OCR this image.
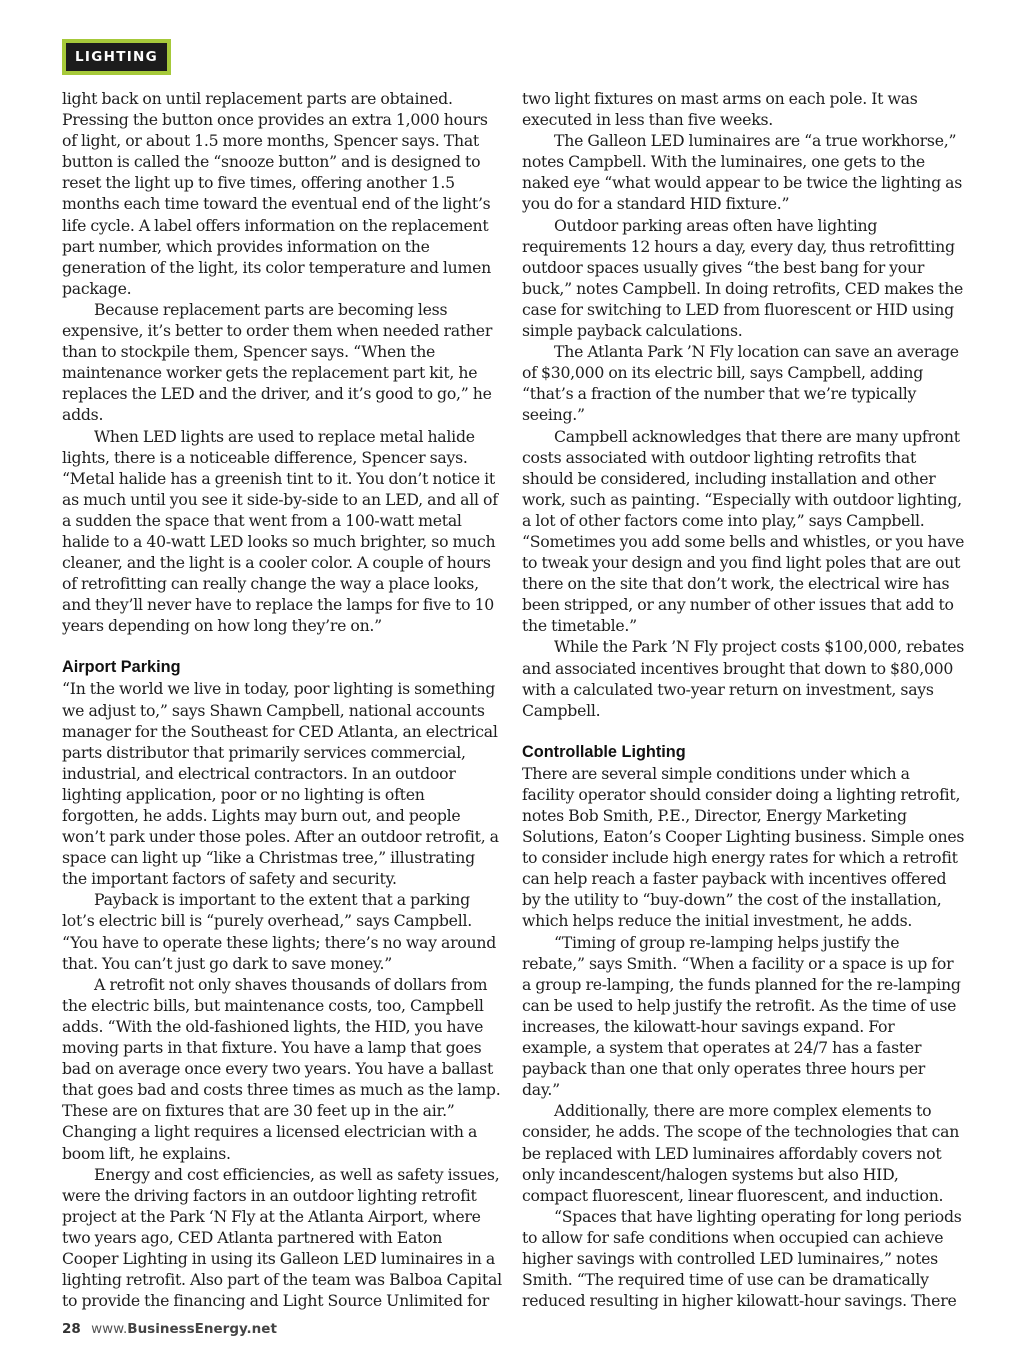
LIGHTING

light back on until replacement parts are obtained. Pressing the button once provides an extra 1,000 hours of light, or about 1.5 more months, Spencer says. That button is called the “snooze button” and is designed to reset the light up to five times, offering another 1.5 months each time toward the eventual end of the light’s life cycle. A label offers information on the replacement part number, which provides information on the generation of the light, its color temperature and lumen package.

Because replacement parts are becoming less expensive, it’s better to order them when needed rather than to stockpile them, Spencer says. “When the maintenance worker gets the replacement part kit, he replaces the LED and the driver, and it’s good to go,” he adds.

When LED lights are used to replace metal halide lights, there is a noticeable difference, Spencer says. “Metal halide has a greenish tint to it. You don’t notice it as much until you see it side-by-side to an LED, and all of a sudden the space that went from a 100-watt metal halide to a 40-watt LED looks so much brighter, so much cleaner, and the light is a cooler color. A couple of hours of retrofitting can really change the way a place looks, and they’ll never have to replace the lamps for five to 10 years depending on how long they’re on.”

Airport Parking

“In the world we live in today, poor lighting is something we adjust to,” says Shawn Campbell, national accounts manager for the Southeast for CED Atlanta, an electrical parts distributor that primarily services commercial, industrial, and electrical contractors. In an outdoor lighting application, poor or no lighting is often forgotten, he adds. Lights may burn out, and people won’t park under those poles. After an outdoor retrofit, a space can light up “like a Christmas tree,” illustrating the important factors of safety and security.

Payback is important to the extent that a parking lot’s electric bill is “purely overhead,” says Campbell. “You have to operate these lights; there’s no way around that. You can’t just go dark to save money.”

A retrofit not only shaves thousands of dollars from the electric bills, but maintenance costs, too, Campbell adds. “With the old-fashioned lights, the HID, you have moving parts in that fixture. You have a lamp that goes bad on average once every two years. You have a ballast that goes bad and costs three times as much as the lamp. These are on fixtures that are 30 feet up in the air.” Changing a light requires a licensed electrician with a boom lift, he explains.

Energy and cost efficiencies, as well as safety issues, were the driving factors in an outdoor lighting retrofit project at the Park ‘N Fly at the Atlanta Airport, where two years ago, CED Atlanta partnered with Eaton Cooper Lighting in using its Galleon LED luminaires in a lighting retrofit. Also part of the team was Balboa Capital to provide the financing and Light Source Unlimited for

two light fixtures on mast arms on each pole. It was executed in less than five weeks.

The Galleon LED luminaires are “a true workhorse,” notes Campbell. With the luminaires, one gets to the naked eye “what would appear to be twice the lighting as you do for a standard HID fixture.”

Outdoor parking areas often have lighting requirements 12 hours a day, every day, thus retrofitting outdoor spaces usually gives “the best bang for your buck,” notes Campbell. In doing retrofits, CED makes the case for switching to LED from fluorescent or HID using simple payback calculations.

The Atlanta Park ’N Fly location can save an average of $30,000 on its electric bill, says Campbell, adding “that’s a fraction of the number that we’re typically seeing.”

Campbell acknowledges that there are many upfront costs associated with outdoor lighting retrofits that should be considered, including installation and other work, such as painting. “Especially with outdoor lighting, a lot of other factors come into play,” says Campbell. “Sometimes you add some bells and whistles, or you have to tweak your design and you find light poles that are out there on the site that don’t work, the electrical wire has been stripped, or any number of other issues that add to the timetable.”

While the Park ’N Fly project costs $100,000, rebates and associated incentives brought that down to $80,000 with a calculated two-year return on investment, says Campbell.

Controllable Lighting

There are several simple conditions under which a facility operator should consider doing a lighting retrofit, notes Bob Smith, P.E., Director, Energy Marketing Solutions, Eaton’s Cooper Lighting business. Simple ones to consider include high energy rates for which a retrofit can help reach a faster payback with incentives offered by the utility to “buy-down” the cost of the installation, which helps reduce the initial investment, he adds.

“Timing of group re-lamping helps justify the rebate,” says Smith. “When a facility or a space is up for a group re-lamping, the funds planned for the re-lamping can be used to help justify the retrofit. As the time of use increases, the kilowatt-hour savings expand. For example, a system that operates at 24/7 has a faster payback than one that only operates three hours per day.”

Additionally, there are more complex elements to consider, he adds. The scope of the technologies that can be replaced with LED luminaires affordably covers not only incandescent/halogen systems but also HID, compact fluorescent, linear fluorescent, and induction.

“Spaces that have lighting operating for long periods to allow for safe conditions when occupied can achieve higher savings with controlled LED luminaires,” notes Smith. “The required time of use can be dramatically reduced resulting in higher kilowatt-hour savings. There

28 www.BusinessEnergy.net
